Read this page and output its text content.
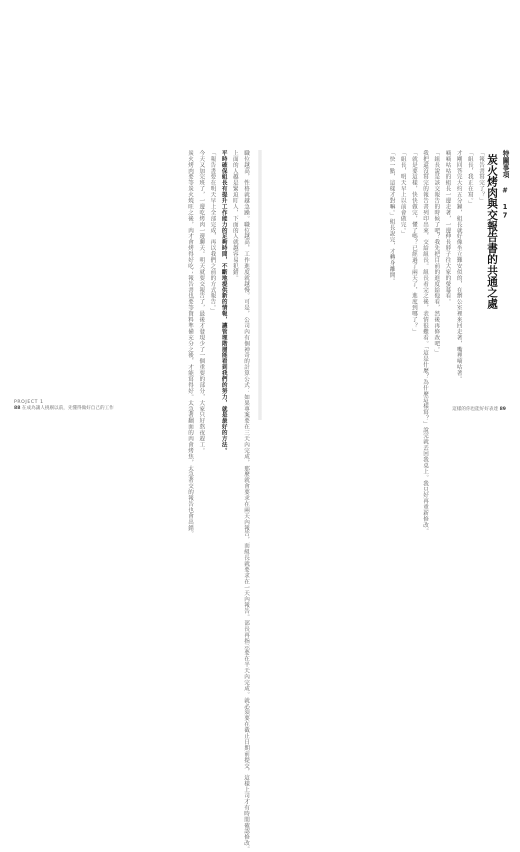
職位越高，性格就越急躁。職位越高，工作進度就越慢。可是，公司內有個神奇的計算公式：如果專案要在三天內完成，那麼就會要求在兩天內報告，而組長就要求在一天內報告。部長再指示要在半天內完成。就必須要在截止日期前提交，這樣上司才有時間確認修改。
上面的人越是緊迫盯人，下面的人就越容易犯錯。
平時確保組長有提升工作能力的足夠時間，不斷地提供新的情報，讓管理階層能看到我們的努力，就是最好的方法。
「報告書要在明天早上全部完成，再以我們之前的方式報告。」
今天又加完班了，一邊吃烤肉一邊聊天。明天就要交報告了，最後才發現少了一個重要的部分，大家只好熬夜趕工。
炭火烤肉要等炭火燒旺之後，肉才會烤得好吃；報告書也要等資料準備充分之後，才能寫得好。太急著翻面的肉會烤焦，太急著交的報告也會出錯。
PROJECT 1
88 在成為讓人挑剔以前，先懂得做好自己的工作
特關事項 # 17
炭火烤肉與交報告書的共通之處
「報告書寫完了？」
「組長，我正在寫。」
才剛回答完大約五分鐘，組長就好像坐立難安似的，在辦公室裡來回走著，嘴裡嘀咕著。
嘀嘀咕咕的組長一邊走著，一邊伸長脖子往大家的螢幕看。
「組長說是該交報告的時候了吧？我先把目前的進度給他看，然後再修改吧。」
我把還沒寫完的報告書列印出來，交給組長。組長看完之後，表情很難看。「這是什麼？為什麼這樣寫？」說完就丟回我桌上。我只好再重新修改。
「就是要這樣，快快做完，懂了嗎？已經過了兩天了，進度到哪了？」
「組長，明天早上以前會做完。」
「快一點，這樣才對嘛。」組長說完，才轉身離開。
這樣的你也能好好表達 89
